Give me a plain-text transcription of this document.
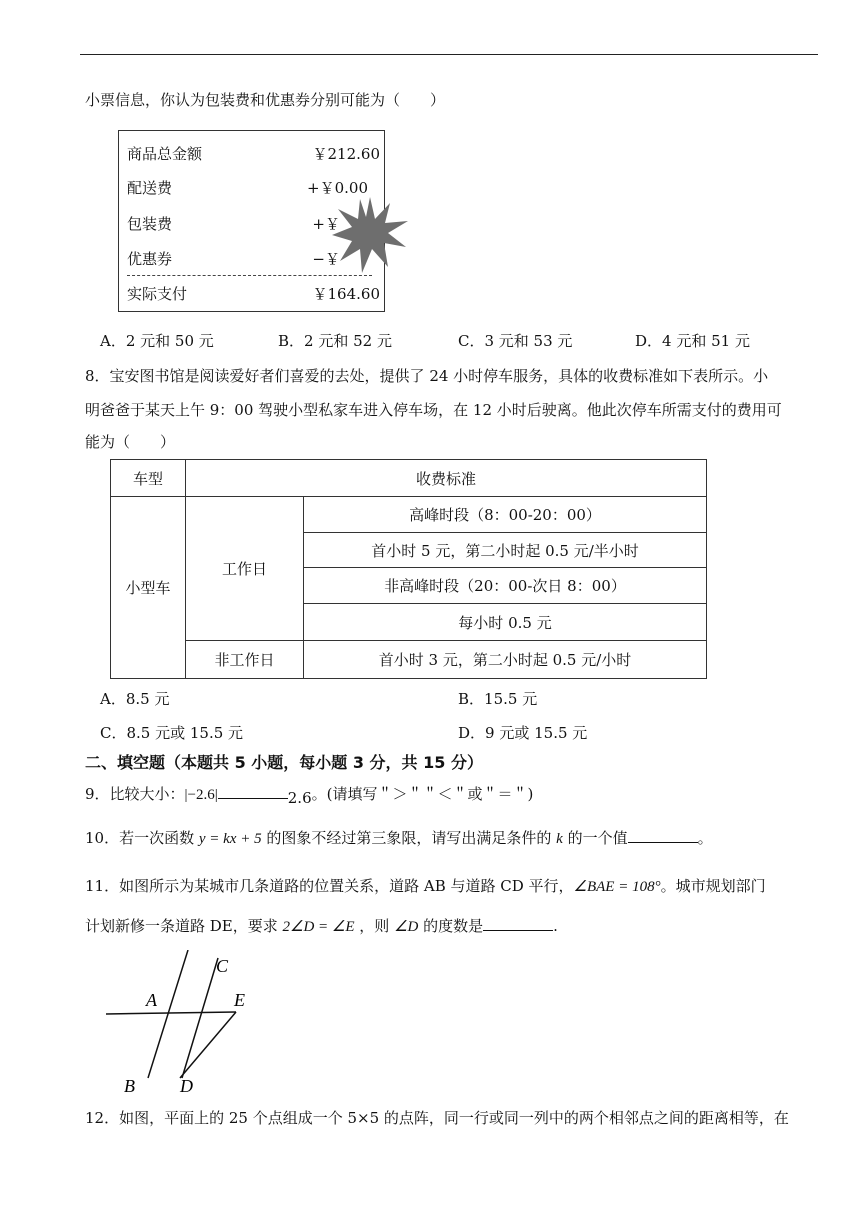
小票信息，你认为包装费和优惠券分别可能为（　　）
商品总金额	￥212.60
配送费	+￥0.00
包装费	+￥
优惠券	−￥
实际支付	￥164.60
A．2 元和 50 元	B．2 元和 52 元	C．3 元和 53 元	D．4 元和 51 元
8．宝安图书馆是阅读爱好者们喜爱的去处，提供了 24 小时停车服务，具体的收费标准如下表所示。小
明爸爸于某天上午 9：00 驾驶小型私家车进入停车场，在 12 小时后驶离。他此次停车所需支付的费用可
能为（　　）
车型	收费标准	
小型车	工作日	高峰时段（8：00-20：00）
		首小时 5 元，第二小时起 0.5 元/半小时
		非高峰时段（20：00-次日 8：00）
		每小时 0.5 元
	非工作日	首小时 3 元，第二小时起 0.5 元/小时
A．8.5 元	B．15.5 元
C．8.5 元或 15.5 元	D．9 元或 15.5 元
二、填空题（本题共 5 小题，每小题 3 分，共 15 分）
9．比较大小：|−2.6|	2.6。(请填写＂＞＂＂＜＂或＂＝＂)
10．若一次函数 y = kx + 5 的图象不经过第三象限，请写出满足条件的 k 的一个值	。
11．如图所示为某城市几条道路的位置关系，道路 AB 与道路 CD 平行，∠BAE = 108°。城市规划部门
计划新修一条道路 DE，要求 2∠D = ∠E ，则 ∠D 的度数是	.
A
B
C
D
E
12．如图，平面上的 25 个点组成一个 5×5 的点阵，同一行或同一列中的两个相邻点之间的距离相等，在
